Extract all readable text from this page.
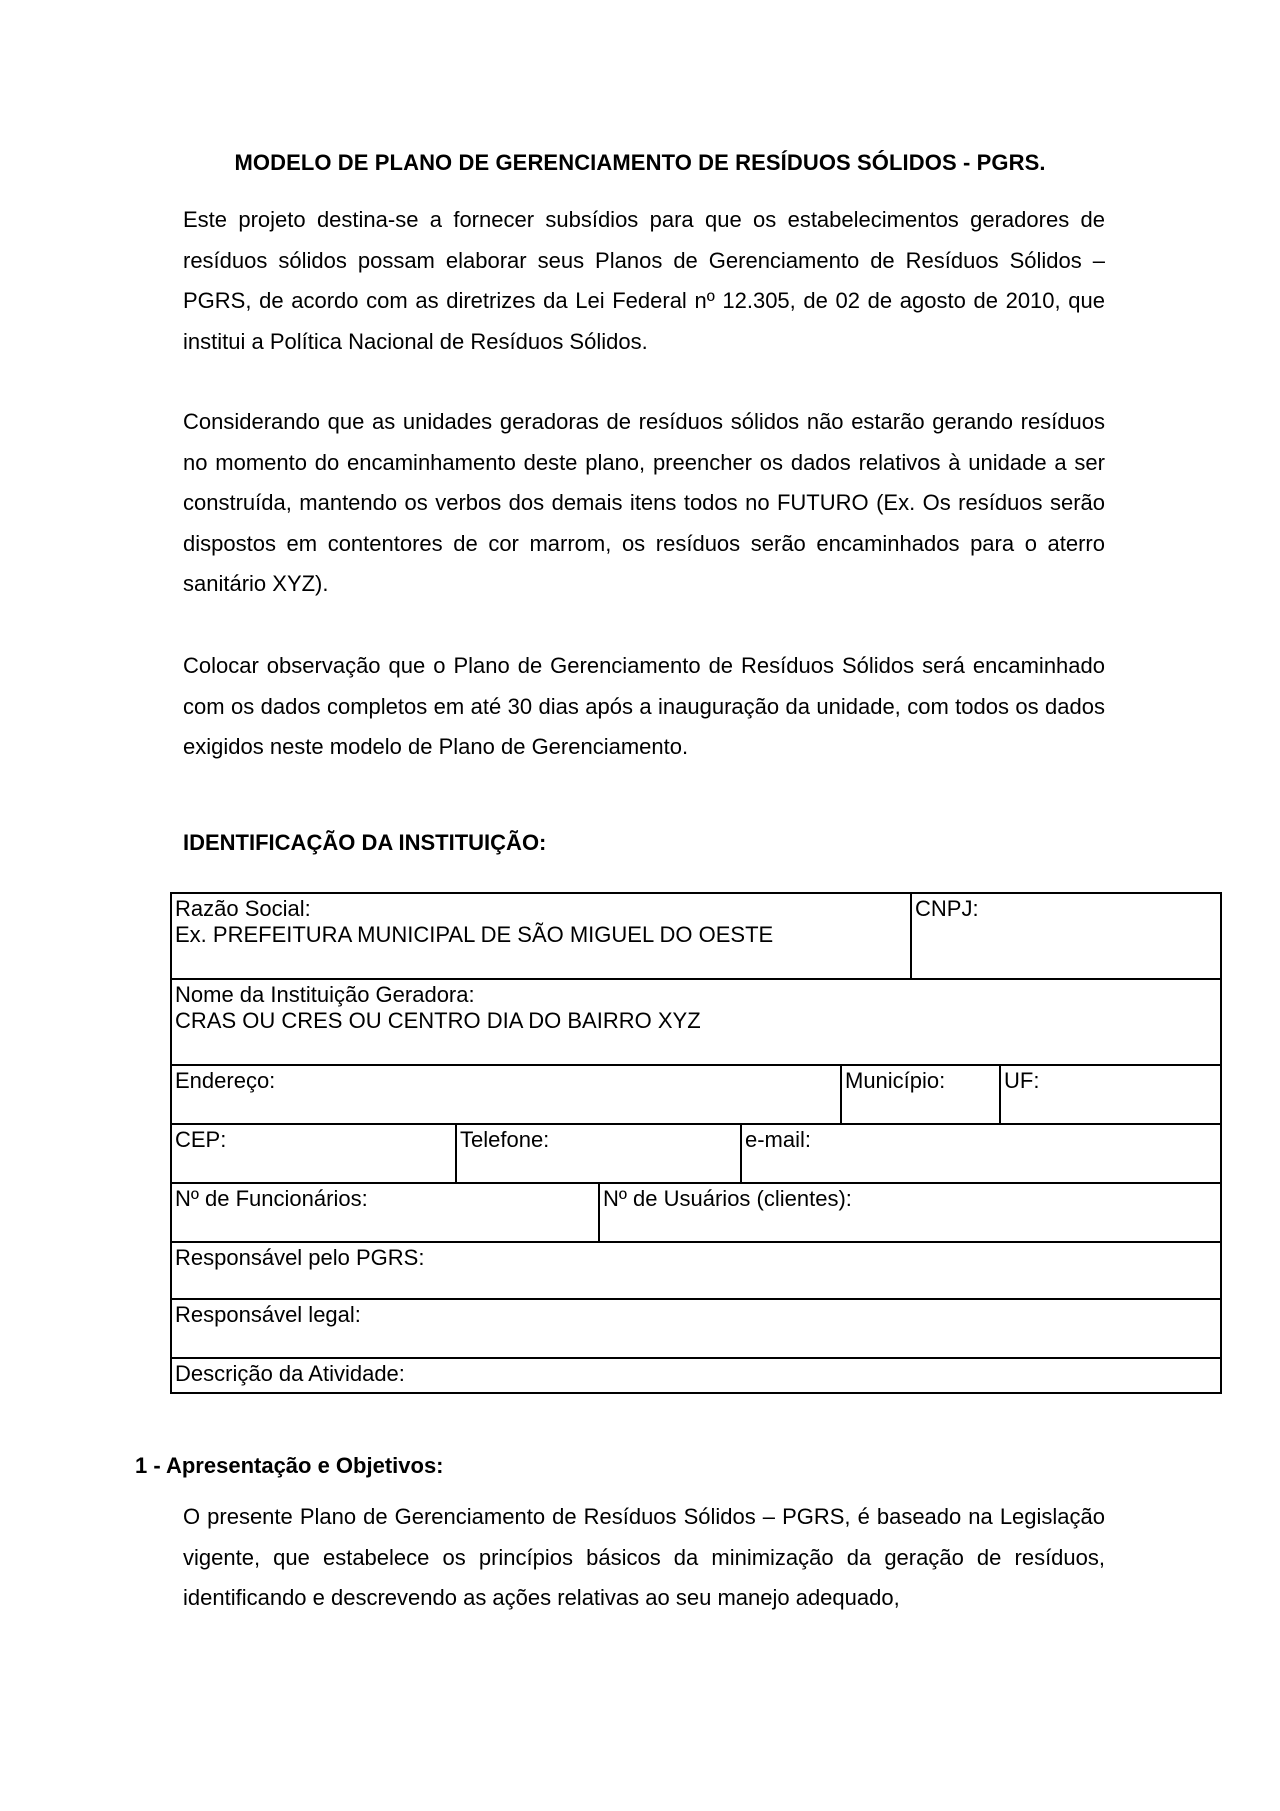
MODELO DE PLANO DE GERENCIAMENTO DE RESÍDUOS SÓLIDOS - PGRS.

Este projeto destina-se a fornecer subsídios para que os estabelecimentos geradores de resíduos sólidos possam elaborar seus Planos de Gerenciamento de Resíduos Sólidos – PGRS, de acordo com as diretrizes da Lei Federal nº 12.305, de 02 de agosto de 2010, que institui a Política Nacional de Resíduos Sólidos.

Considerando que as unidades geradoras de resíduos sólidos não estarão gerando resíduos no momento do encaminhamento deste plano, preencher os dados relativos à unidade a ser construída, mantendo os verbos dos demais itens todos no FUTURO (Ex. Os resíduos serão dispostos em contentores de cor marrom, os resíduos serão encaminhados para o aterro sanitário XYZ).

Colocar observação que o Plano de Gerenciamento de Resíduos Sólidos será encaminhado com os dados completos em até 30 dias após a inauguração da unidade, com todos os dados exigidos neste modelo de Plano de Gerenciamento.

IDENTIFICAÇÃO DA INSTITUIÇÃO:
Razão Social:
Ex. PREFEITURA MUNICIPAL DE SÃO MIGUEL DO OESTE					CNPJ:	

Nome da Instituição Geradora:
CRAS OU CRES OU CENTRO DIA DO BAIRRO XYZ						

Endereço:				Município:		UF:

CEP:	Telefone:		e-mail:			

Nº de Funcionários:		Nº de Usuários (clientes):				

Responsável pelo PGRS:						

Responsável legal:						

Descrição da Atividade:						
1 - Apresentação e Objetivos:

O presente Plano de Gerenciamento de Resíduos Sólidos – PGRS, é baseado na Legislação vigente, que estabelece os princípios básicos da minimização da geração de resíduos, identificando e descrevendo as ações relativas ao seu manejo adequado,
